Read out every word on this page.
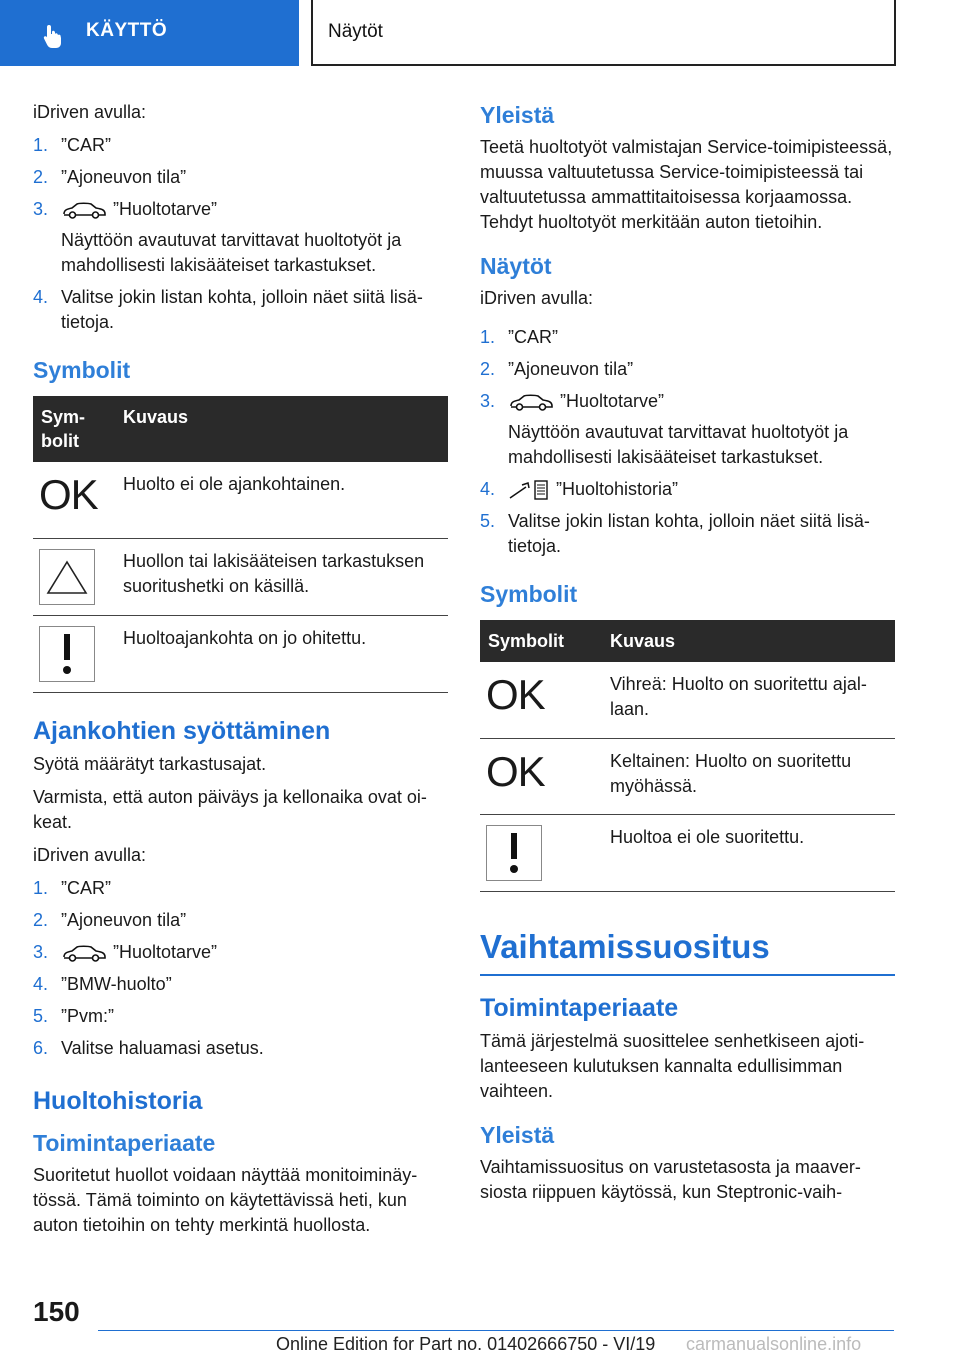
KÄYTTÖ	Näytöt

iDriven avulla:

1. ”CAR”
2. ”Ajoneuvon tila”
3.	”Huoltotarve”
Näyttöön avautuvat tarvittavat huoltotyöt ja mahdollisesti lakisääteiset tarkastukset.
4. Valitse jokin listan kohta, jolloin näet siitä lisätietoja.
Symbolit
Symbolit	Kuvaus

OK	Huolto ei ole ajankohtainen.

	Huollon tai lakisääteisen tarkastuksen suoritushetki on käsillä.

	Huoltoajankohta on jo ohitettu.
Ajankohtien syöttäminen

Syötä määrätyt tarkastusajat.

Varmista, että auton päiväys ja kellonaika ovat oikeat.

iDriven avulla:

1. ”CAR”
2. ”Ajoneuvon tila”
3.	”Huoltotarve”
4. ”BMW-huolto”
5. ”Pvm:”
6. Valitse haluamasi asetus.
Huoltohistoria
Toimintaperiaate

Suoritetut huollot voidaan näyttää monitoiminäytössä. Tämä toiminto on käytettävissä heti, kun auton tietoihin on tehty merkintä huollosta.

Yleistä

Teetä huoltotyöt valmistajan Service-toimipisteessä, muussa valtuutetussa Service-toimipisteessä tai valtuutetussa ammattitaitoisessa korjaamossa. Tehdyt huoltotyöt merkitään auton tietoihin.

Näytöt

iDriven avulla:

1. ”CAR”
2. ”Ajoneuvon tila”
3.	”Huoltotarve”
Näyttöön avautuvat tarvittavat huoltotyöt ja mahdollisesti lakisääteiset tarkastukset.
4.	”Huoltohistoria”
5. Valitse jokin listan kohta, jolloin näet siitä lisätietoja.
Symbolit
Symbolit	Kuvaus

OK	Vihreä: Huolto on suoritettu ajallaan.

OK	Keltainen: Huolto on suoritettu myöhässä.

	Huoltoa ei ole suoritettu.
Vaihtamissuositus
Toimintaperiaate

Tämä järjestelmä suosittelee senhetkiseen ajotilanteeseen kulutuksen kannalta edullisimman vaihteen.

Yleistä

Vaihtamissuositus on varustetasosta ja maaversiosta riippuen käytössä, kun Steptronic-vaih-

150
Online Edition for Part no. 01402666750 - VI/19 carmanualsonline.info
